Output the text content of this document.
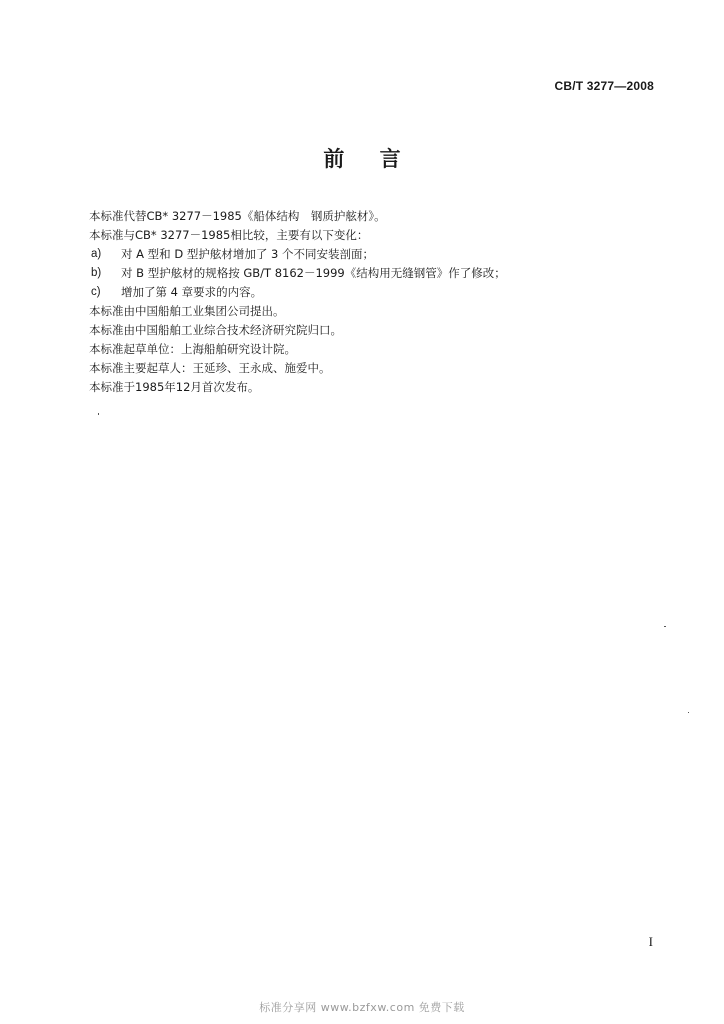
CB/T 3277—2008
前 言
本标准代替CB* 3277－1985《船体结构　钢质护舷材》。
本标准与CB* 3277－1985相比较，主要有以下变化：
a)	对 A 型和 D 型护舷材增加了 3 个不同安装剖面；
b)	对 B 型护舷材的规格按 GB/T 8162－1999《结构用无缝钢管》作了修改；
c)	增加了第 4 章要求的内容。
本标准由中国船舶工业集团公司提出。
本标准由中国船舶工业综合技术经济研究院归口。
本标准起草单位：上海船舶研究设计院。
本标准主要起草人：王延珍、王永成、施爱中。
本标准于1985年12月首次发布。
I
标准分享网 www.bzfxw.com 免费下载
